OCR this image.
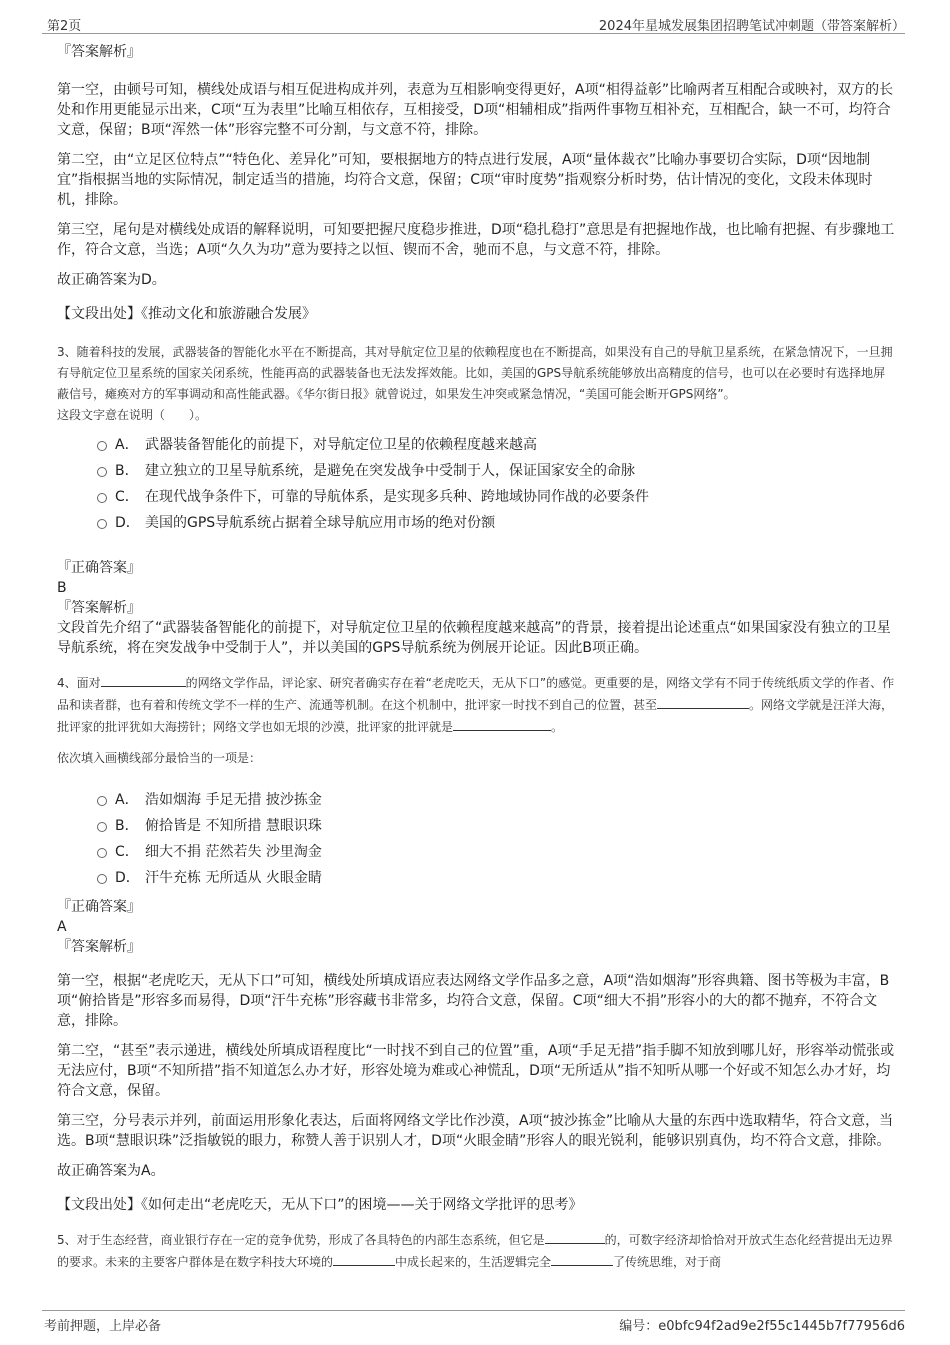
第2页	2024年星城发展集团招聘笔试冲刺题（带答案解析）

『答案解析』

第一空，由顿号可知，横线处成语与相互促进构成并列，表意为互相影响变得更好，A项“相得益彰”比喻两者互相配合或映衬，双方的长处和作用更能显示出来，C项“互为表里”比喻互相依存，互相接受，D项“相辅相成”指两件事物互相补充，互相配合，缺一不可，均符合文意，保留；B项“浑然一体”形容完整不可分割，与文意不符，排除。

第二空，由“立足区位特点”“特色化、差异化”可知，要根据地方的特点进行发展，A项“量体裁衣”比喻办事要切合实际，D项“因地制宜”指根据当地的实际情况，制定适当的措施，均符合文意，保留；C项“审时度势”指观察分析时势，估计情况的变化，文段未体现时机，排除。

第三空，尾句是对横线处成语的解释说明，可知要把握尺度稳步推进，D项“稳扎稳打”意思是有把握地作战，也比喻有把握、有步骤地工作，符合文意，当选；A项“久久为功”意为要持之以恒、锲而不舍，驰而不息，与文意不符，排除。

故正确答案为D。

【文段出处】《推动文化和旅游融合发展》

3、随着科技的发展，武器装备的智能化水平在不断提高，其对导航定位卫星的依赖程度也在不断提高，如果没有自己的导航卫星系统，在紧急情况下，一旦拥有导航定位卫星系统的国家关闭系统，性能再高的武器装备也无法发挥效能。比如，美国的GPS导航系统能够放出高精度的信号，也可以在必要时有选择地屏蔽信号，瘫痪对方的军事调动和高性能武器。《华尔街日报》就曾说过，如果发生冲突或紧急情况，“美国可能会断开GPS网络”。

这段文字意在说明（　　）。

A． 武器装备智能化的前提下，对导航定位卫星的依赖程度越来越高
B． 建立独立的卫星导航系统，是避免在突发战争中受制于人，保证国家安全的命脉
C． 在现代战争条件下，可靠的导航体系，是实现多兵种、跨地域协同作战的必要条件
D． 美国的GPS导航系统占据着全球导航应用市场的绝对份额

『正确答案』

B

『答案解析』

文段首先介绍了“武器装备智能化的前提下，对导航定位卫星的依赖程度越来越高”的背景，接着提出论述重点“如果国家没有独立的卫星导航系统，将在突发战争中受制于人”，并以美国的GPS导航系统为例展开论证。因此B项正确。

4、面对	的网络文学作品，评论家、研究者确实存在着“老虎吃天，无从下口”的感觉。更重要的是，网络文学有不同于传统纸质文学的作者、作品和读者群，也有着和传统文学不一样的生产、流通等机制。在这个机制中，批评家一时找不到自己的位置，甚至	。网络文学就是汪洋大海，批评家的批评犹如大海捞针；网络文学也如无垠的沙漠，批评家的批评就是	。

依次填入画横线部分最恰当的一项是：

A． 浩如烟海 手足无措 披沙拣金
B． 俯拾皆是 不知所措 慧眼识珠
C． 细大不捐 茫然若失 沙里淘金
D． 汗牛充栋 无所适从 火眼金睛

『正确答案』

A

『答案解析』

第一空，根据“老虎吃天，无从下口”可知，横线处所填成语应表达网络文学作品多之意，A项“浩如烟海”形容典籍、图书等极为丰富，B项“俯拾皆是”形容多而易得，D项“汗牛充栋”形容藏书非常多，均符合文意，保留。C项“细大不捐”形容小的大的都不抛弃，不符合文意，排除。

第二空，“甚至”表示递进，横线处所填成语程度比“一时找不到自己的位置”重，A项“手足无措”指手脚不知放到哪儿好，形容举动慌张或无法应付，B项“不知所措”指不知道怎么办才好，形容处境为难或心神慌乱，D项“无所适从”指不知听从哪一个好或不知怎么办才好，均符合文意，保留。

第三空，分号表示并列，前面运用形象化表达，后面将网络文学比作沙漠，A项“披沙拣金”比喻从大量的东西中选取精华，符合文意，当选。B项“慧眼识珠”泛指敏锐的眼力，称赞人善于识别人才，D项“火眼金睛”形容人的眼光锐利，能够识别真伪，均不符合文意，排除。

故正确答案为A。

【文段出处】《如何走出“老虎吃天，无从下口”的困境——关于网络文学批评的思考》

5、对于生态经营，商业银行存在一定的竞争优势，形成了各具特色的内部生态系统，但它是	的，可数字经济却恰恰对开放式生态化经营提出无边界的要求。未来的主要客户群体是在数字科技大环境的	中成长起来的，生活逻辑完全	了传统思维，对于商

考前押题，上岸必备	编号：e0bfc94f2ad9e2f55c1445b7f77956d6
